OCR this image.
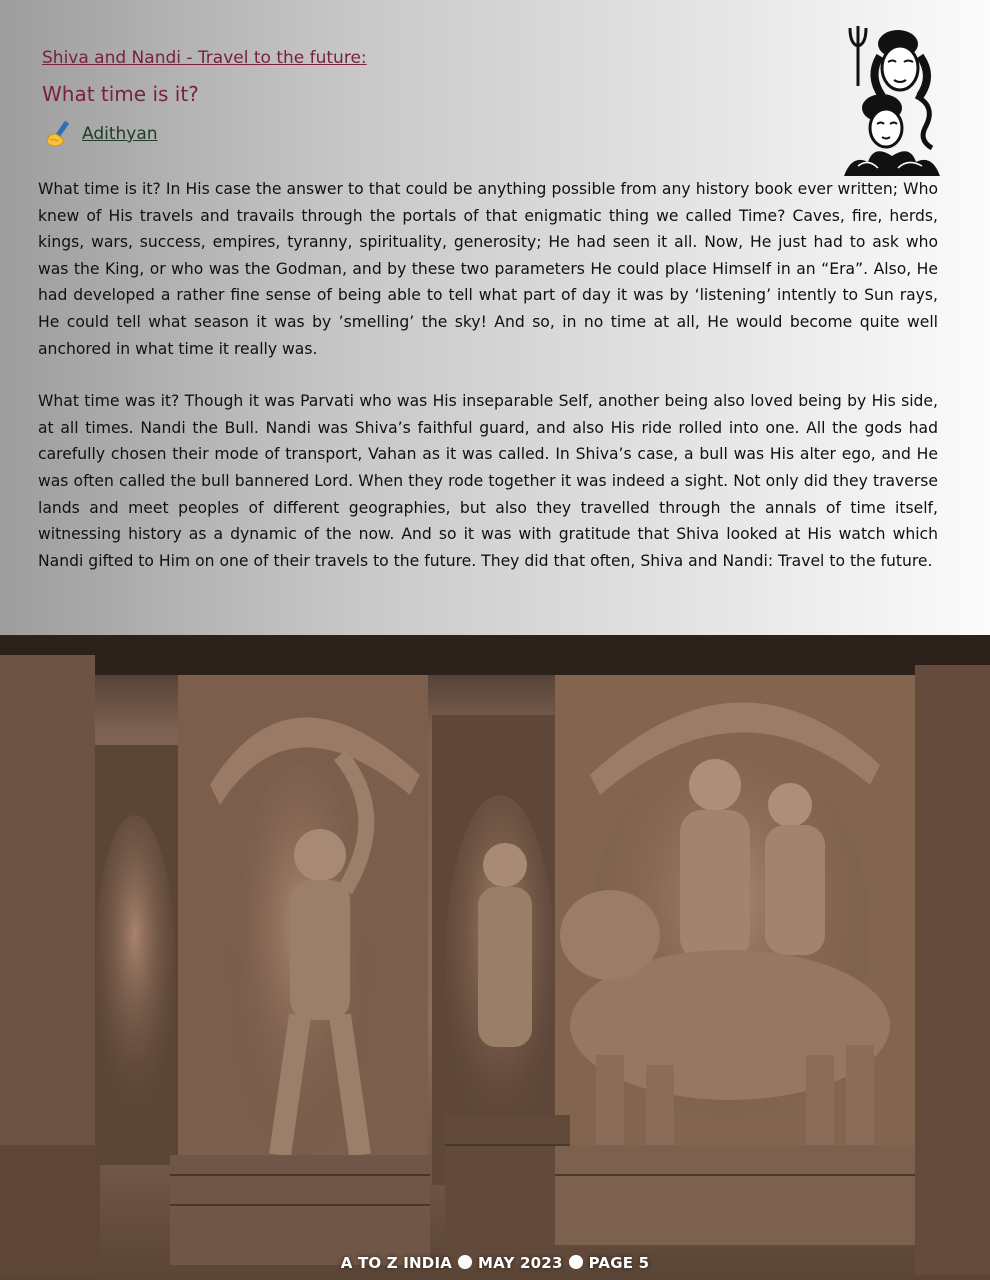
Shiva and Nandi - Travel to the future:

What time is it?
Adithyan

What time is it? In His case the answer to that could be anything possible from any history book ever written; Who knew of His travels and travails through the portals of that enigmatic thing we called Time? Caves, fire, herds, kings, wars, success, empires, tyranny, spirituality, generosity; He had seen it all. Now, He just had to ask who was the King, or who was the Godman, and by these two parameters He could place Himself in an “Era”. Also, He had developed a rather fine sense of being able to tell what part of day it was by ‘listening’ intently to Sun rays, He could tell what season it was by ’smelling’ the sky! And so, in no time at all, He would become quite well anchored in what time it really was.

What time was it? Though it was Parvati who was His inseparable Self, another being also loved being by His side, at all times. Nandi the Bull. Nandi was Shiva’s faithful guard, and also His ride rolled into one. All the gods had carefully chosen their mode of transport, Vahan as it was called. In Shiva’s case, a bull was His alter ego, and He was often called the bull bannered Lord. When they rode together it was indeed a sight. Not only did they traverse lands and meet peoples of different geographies, but also they travelled through the annals of time itself, witnessing history as a dynamic of the now. And so it was with gratitude that Shiva looked at His watch which Nandi gifted to Him on one of their travels to the future. They did that often, Shiva and Nandi: Travel to the future.

A TO Z INDIA MAY 2023 PAGE 5
